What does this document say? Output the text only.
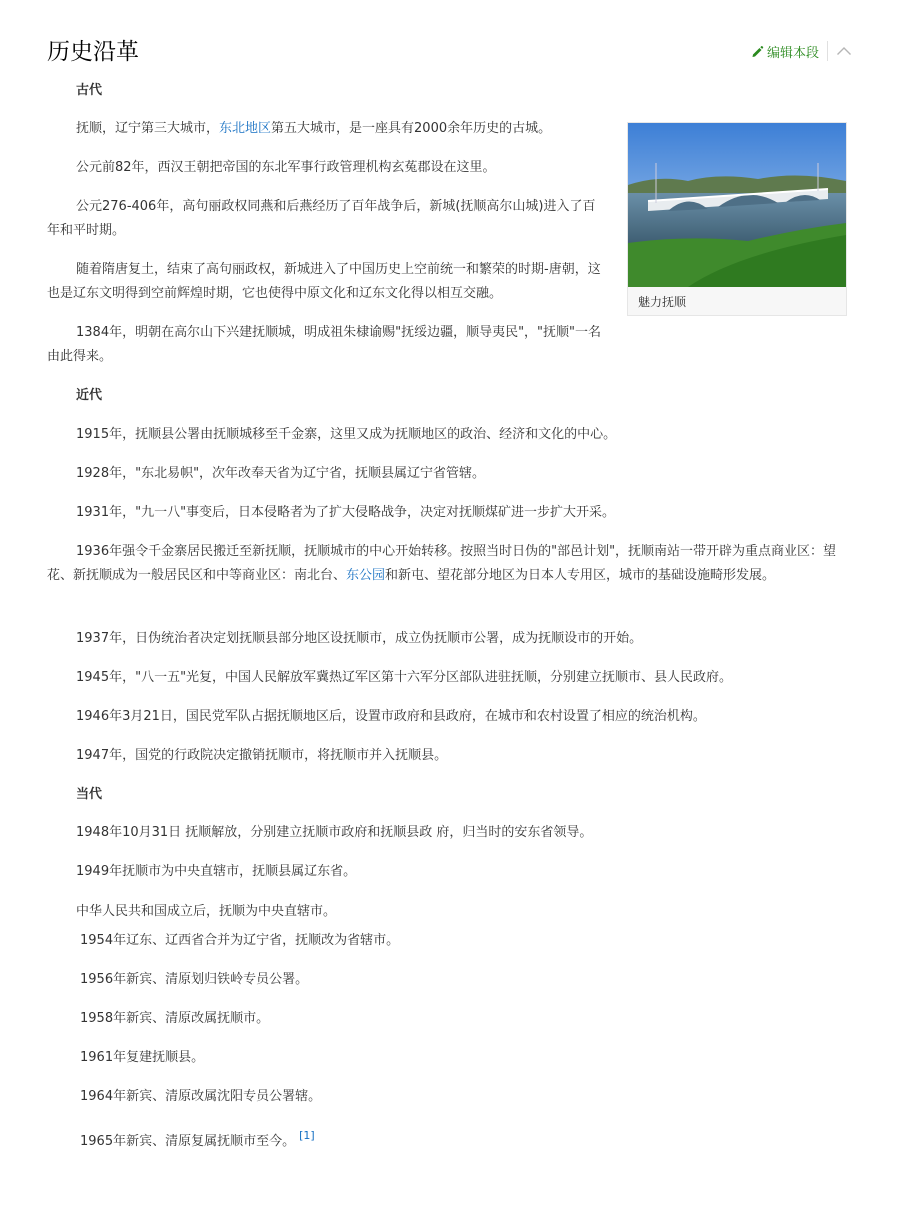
历史沿革	编辑本段
古代

抚顺，辽宁第三大城市，东北地区第五大城市，是一座具有2000余年历史的古城。

公元前82年，西汉王朝把帝国的东北军事行政管理机构玄菟郡设在这里。

公元276-406年，高句丽政权同燕和后燕经历了百年战争后，新城(抚顺高尔山城)进入了百年和平时期。

随着隋唐复土，结束了高句丽政权，新城进入了中国历史上空前统一和繁荣的时期-唐朝，这也是辽东文明得到空前辉煌时期，它也使得中原文化和辽东文化得以相互交融。

1384年，明朝在高尔山下兴建抚顺城，明成祖朱棣谕赐"抚绥边疆，顺导夷民"，"抚顺"一名由此得来。

魅力抚顺
近代

1915年，抚顺县公署由抚顺城移至千金寨，这里又成为抚顺地区的政治、经济和文化的中心。

1928年，"东北易帜"，次年改奉天省为辽宁省，抚顺县属辽宁省管辖。

1931年，"九一八"事变后，日本侵略者为了扩大侵略战争，决定对抚顺煤矿进一步扩大开采。

1936年强令千金寨居民搬迁至新抚顺，抚顺城市的中心开始转移。按照当时日伪的"部邑计划"，抚顺南站一带开辟为重点商业区：望花、新抚顺成为一般居民区和中等商业区：南北台、东公园和新屯、望花部分地区为日本人专用区，城市的基础设施畸形发展。

1937年，日伪统治者决定划抚顺县部分地区设抚顺市，成立伪抚顺市公署，成为抚顺设市的开始。

1945年，"八一五"光复，中国人民解放军冀热辽军区第十六军分区部队进驻抚顺，分别建立抚顺市、县人民政府。

1946年3月21日，国民党军队占据抚顺地区后，设置市政府和县政府，在城市和农村设置了相应的统治机构。

1947年，国党的行政院决定撤销抚顺市，将抚顺市并入抚顺县。

当代

1948年10月31日 抚顺解放，分别建立抚顺市政府和抚顺县政 府，归当时的安东省领导。

1949年抚顺市为中央直辖市，抚顺县属辽东省。

中华人民共和国成立后，抚顺为中央直辖市。
1954年辽东、辽西省合并为辽宁省，抚顺改为省辖市。
1956年新宾、清原划归铁岭专员公署。
1958年新宾、清原改属抚顺市。
1961年复建抚顺县。
1964年新宾、清原改属沈阳专员公署辖。
1965年新宾、清原复属抚顺市至今。 [1]
